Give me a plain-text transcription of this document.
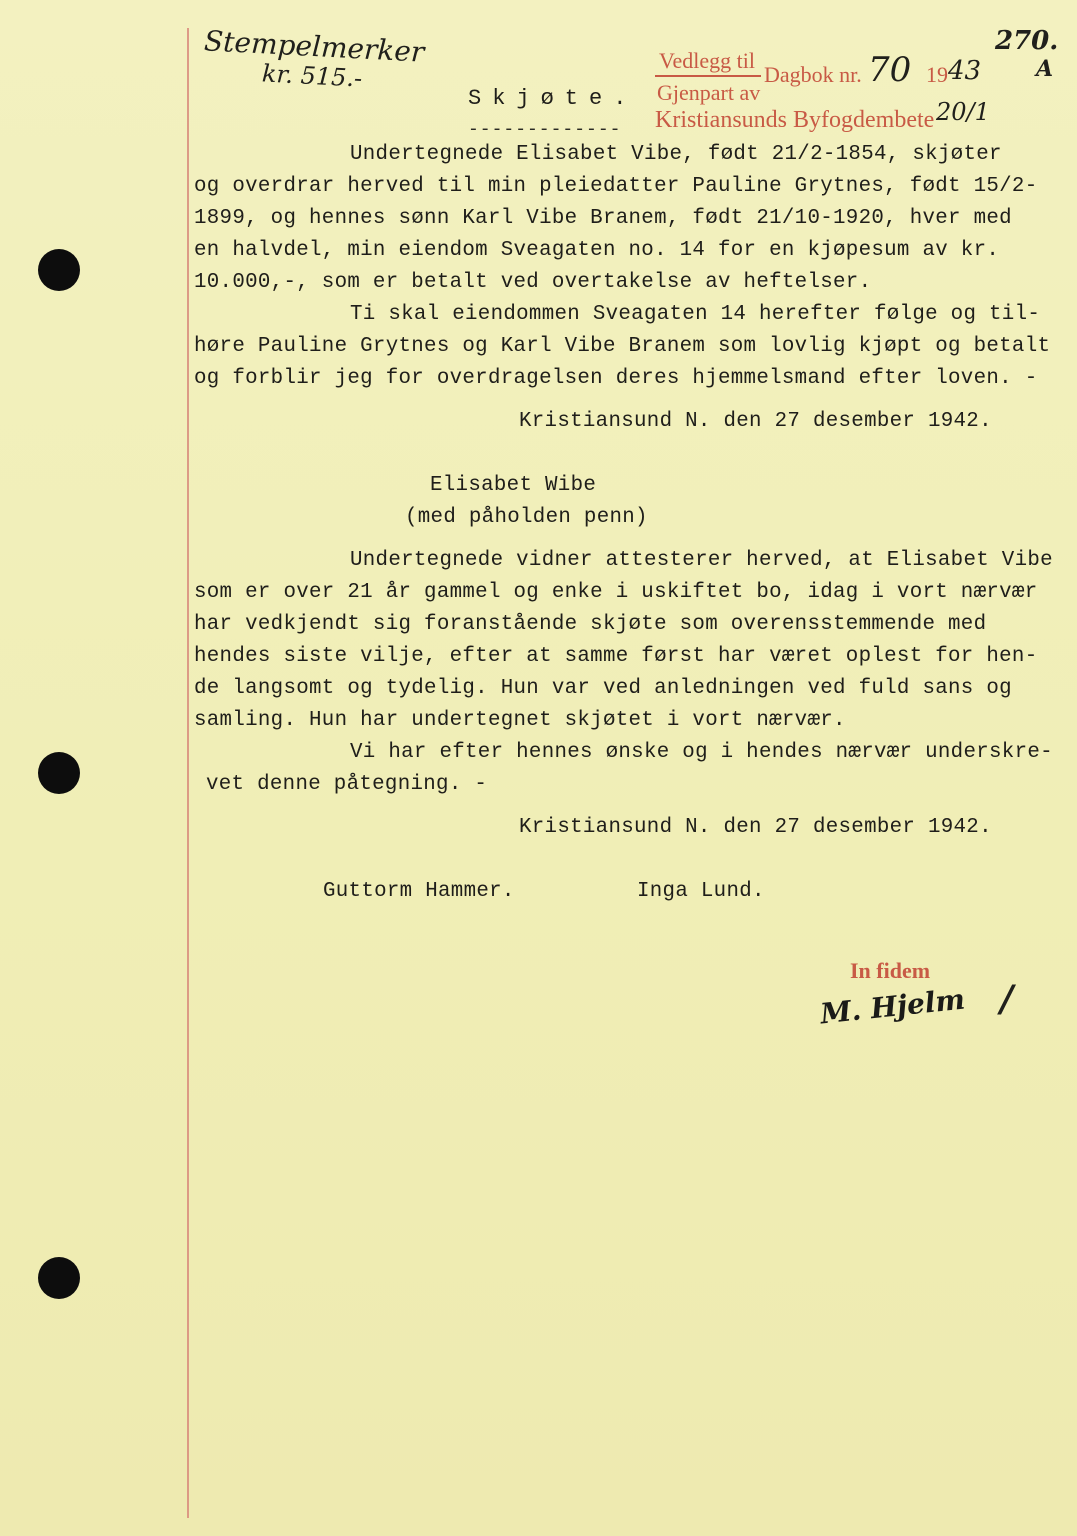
Stempelmerker
kr. 515.-
270.
A
Vedlegg til
Dagbok nr. 70 19 43
Gjenpart av
Kristiansunds Byfogdembete 20/1
Skjøte.
-------------
Undertegnede Elisabet Vibe, født 21/2-1854, skjøter
og overdrar herved til min pleiedatter Pauline Grytnes, født 15/2-
1899, og hennes sønn Karl Vibe Branem, født 21/10-1920, hver med
en halvdel, min eiendom Sveagaten no. 14 for en kjøpesum av kr.
10.000,-, som er betalt ved overtakelse av heftelser.
Ti skal eiendommen Sveagaten 14 herefter følge og til-
høre Pauline Grytnes og Karl Vibe Branem som lovlig kjøpt og betalt
og forblir jeg for overdragelsen deres hjemmelsmand efter loven. -
Kristiansund N. den 27 desember 1942.
Elisabet Wibe
(med påholden penn)
Undertegnede vidner attesterer herved, at Elisabet Vibe
som er over 21 år gammel og enke i uskiftet bo, idag i vort nærvær
har vedkjendt sig foranstående skjøte som overensstemmende med
hendes siste vilje, efter at samme først har været oplest for hen-
de langsomt og tydelig. Hun var ved anledningen ved fuld sans og
samling. Hun har undertegnet skjøtet i vort nærvær.
Vi har efter hennes ønske og i hendes nærvær underskre-
vet denne påtegning. -
Kristiansund N. den 27 desember 1942.
Guttorm Hammer.	Inga Lund.
In fidem
M. Hjelm /
